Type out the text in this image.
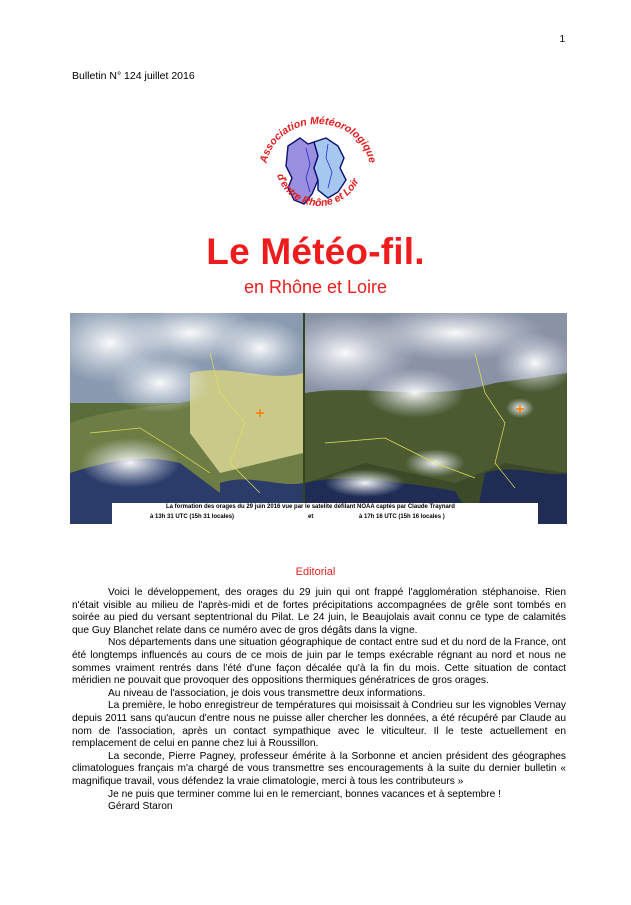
1
Bulletin N° 124 juillet 2016
Association Météorologique
d'entre Rhône et Loir
Le Météo-fil.
en Rhône et Loire
La formation des orages du 29 juin 2016 vue par le satelite défilant NOAA captés par Claude Traynard
à 13h 31 UTC (15h 31 locales)	et	à 17h 16 UTC (15h 16 locales )
Editorial

Voici le développement, des orages du 29 juin qui ont frappé l'agglomération stéphanoise. Rien n'était visible au milieu de l'après-midi et de fortes précipitations accompagnées de grêle sont tombés en soirée au pied du versant septentrional du Pilat. Le 24 juin, le Beaujolais avait connu ce type de calamités que Guy Blanchet relate dans ce numéro avec de gros dégâts dans la vigne.

Nos départements dans une situation géographique de contact entre sud et du nord de la France, ont été longtemps influencés au cours de ce mois de juin par le temps exécrable régnant au nord et nous ne sommes vraiment rentrés dans l'été d'une façon décalée qu'à la fin du mois. Cette situation de contact méridien ne pouvait que provoquer des oppositions thermiques génératrices de gros orages.

Au niveau de l'association, je dois vous transmettre deux informations.

La première, le hobo enregistreur de températures qui moisissait à Condrieu sur les vignobles Vernay depuis 2011 sans qu'aucun d'entre nous ne puisse aller chercher les données, a été récupéré par Claude au nom de l'association, après un contact sympathique avec le viticulteur. Il le teste actuellement en remplacement de celui en panne chez lui à Roussillon.

La seconde, Pierre Pagney, professeur émérite à la Sorbonne et ancien président des géographes climatologues français m'a chargé de vous transmettre ses encouragements à la suite du dernier bulletin « magnifique travail, vous défendez la vraie climatologie, merci à tous les contributeurs »

Je ne puis que terminer comme lui en le remerciant, bonnes vacances et à septembre !

Gérard Staron
